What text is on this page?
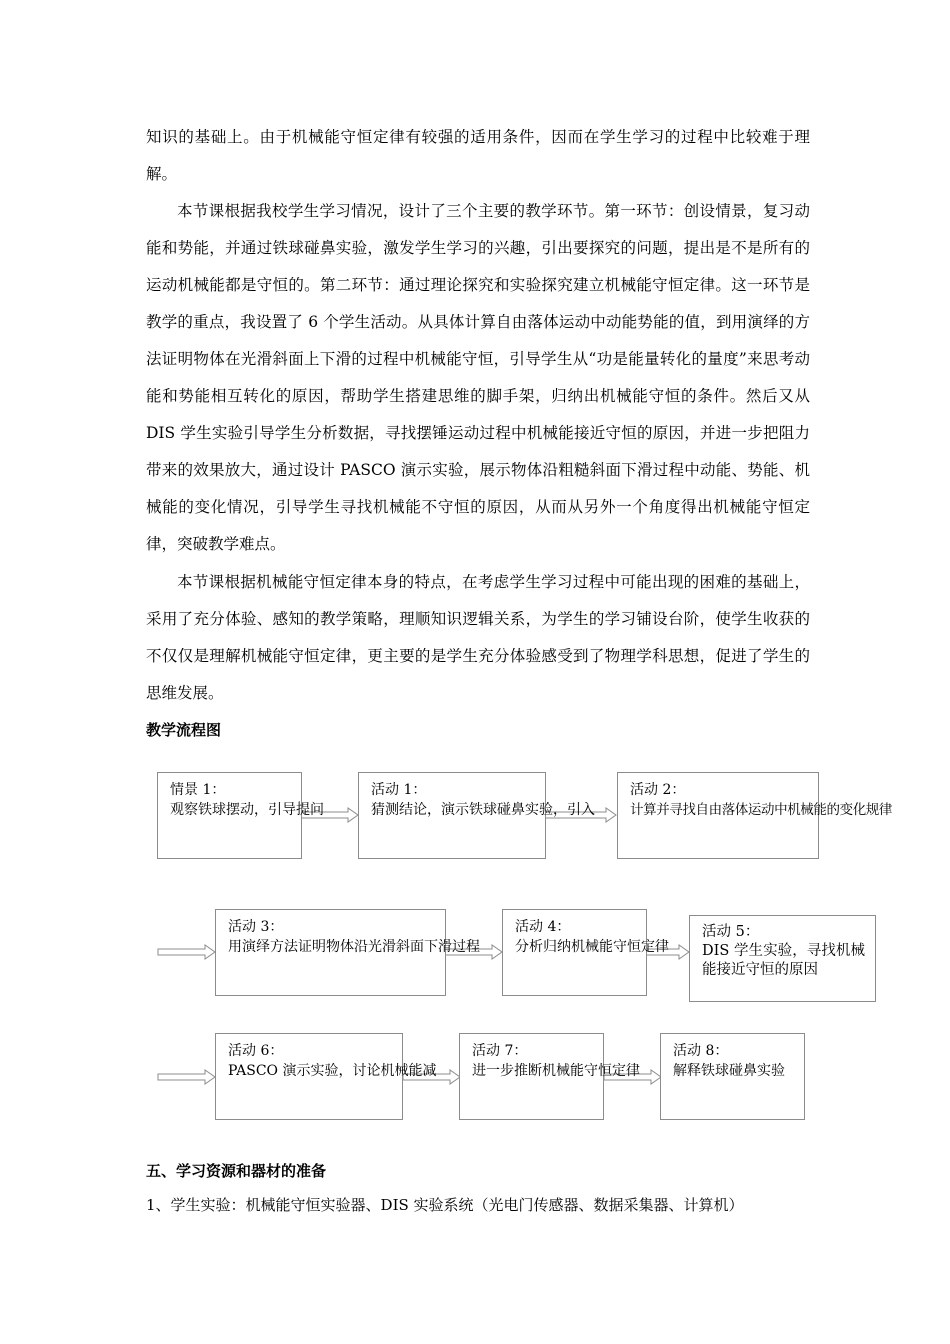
知识的基础上。由于机械能守恒定律有较强的适用条件，因而在学生学习的过程中比较难于理解。

本节课根据我校学生学习情况，设计了三个主要的教学环节。第一环节：创设情景，复习动能和势能，并通过铁球碰鼻实验，激发学生学习的兴趣，引出要探究的问题，提出是不是所有的运动机械能都是守恒的。第二环节：通过理论探究和实验探究建立机械能守恒定律。这一环节是教学的重点，我设置了 6 个学生活动。从具体计算自由落体运动中动能势能的值，到用演绎的方法证明物体在光滑斜面上下滑的过程中机械能守恒，引导学生从“功是能量转化的量度”来思考动能和势能相互转化的原因，帮助学生搭建思维的脚手架，归纳出机械能守恒的条件。然后又从 DIS 学生实验引导学生分析数据，寻找摆锤运动过程中机械能接近守恒的原因，并进一步把阻力带来的效果放大，通过设计 PASCO 演示实验，展示物体沿粗糙斜面下滑过程中动能、势能、机械能的变化情况，引导学生寻找机械能不守恒的原因，从而从另外一个角度得出机械能守恒定律，突破教学难点。

本节课根据机械能守恒定律本身的特点，在考虑学生学习过程中可能出现的困难的基础上，采用了充分体验、感知的教学策略，理顺知识逻辑关系，为学生的学习铺设台阶，使学生收获的不仅仅是理解机械能守恒定律，更主要的是学生充分体验感受到了物理学科思想，促进了学生的思维发展。

教学流程图
情景 1：
观察铁球摆动，引导提问
活动 1：
猜测结论，演示铁球碰鼻实验，引入
活动 2：
计算并寻找自由落体运动中机械能的变化规律
活动 3：
用演绎方法证明物体沿光滑斜面下滑过程
活动 4：
分析归纳机械能守恒定律
活动 5：
DIS 学生实验，寻找机械能接近守恒的原因
活动 6：
PASCO 演示实验，讨论机械能减
活动 7：
进一步推断机械能守恒定律
活动 8：
解释铁球碰鼻实验
五、学习资源和器材的准备

1、学生实验：机械能守恒实验器、DIS 实验系统（光电门传感器、数据采集器、计算机）
